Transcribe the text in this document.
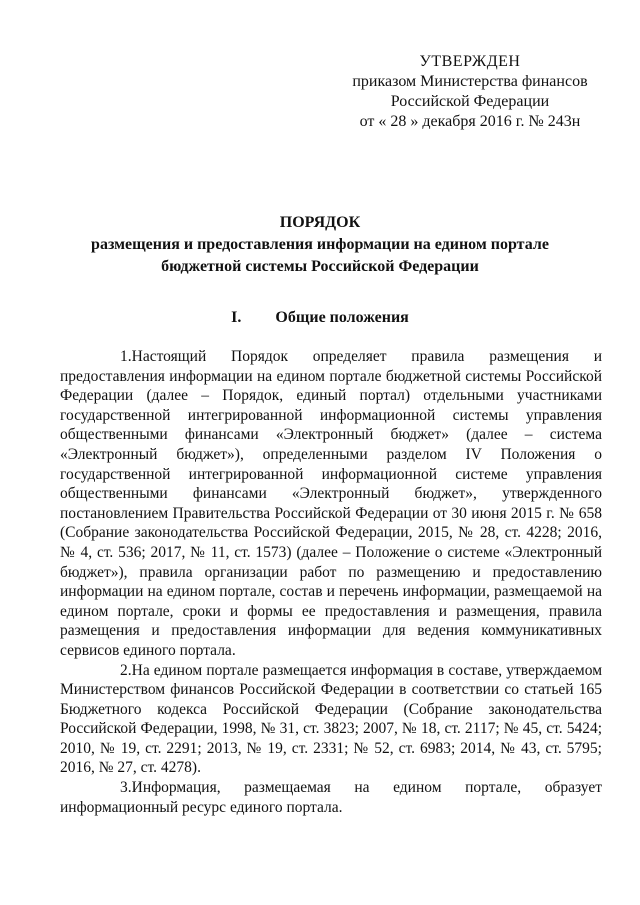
УТВЕРЖДЕН
приказом Министерства финансов
Российской Федерации
от « 28 » декабря 2016 г. № 243н
ПОРЯДОК
размещения и предоставления информации на едином портале бюджетной системы Российской Федерации
I. Общие положения

1.Настоящий Порядок определяет правила размещения и предоставления информации на едином портале бюджетной системы Российской Федерации (далее – Порядок, единый портал) отдельными участниками государственной интегрированной информационной системы управления общественными финансами «Электронный бюджет» (далее – система «Электронный бюджет»), определенными разделом IV Положения о государственной интегрированной информационной системе управления общественными финансами «Электронный бюджет», утвержденного постановлением Правительства Российской Федерации от 30 июня 2015 г. № 658 (Собрание законодательства Российской Федерации, 2015, № 28, ст. 4228; 2016, № 4, ст. 536; 2017, № 11, ст. 1573) (далее – Положение о системе «Электронный бюджет»), правила организации работ по размещению и предоставлению информации на едином портале, состав и перечень информации, размещаемой на едином портале, сроки и формы ее предоставления и размещения, правила размещения и предоставления информации для ведения коммуникативных сервисов единого портала.

2.На едином портале размещается информация в составе, утверждаемом Министерством финансов Российской Федерации в соответствии со статьей 165 Бюджетного кодекса Российской Федерации (Собрание законодательства Российской Федерации, 1998, № 31, ст. 3823; 2007, № 18, ст. 2117; № 45, ст. 5424; 2010, № 19, ст. 2291; 2013, № 19, ст. 2331; № 52, ст. 6983; 2014, № 43, ст. 5795; 2016, № 27, ст. 4278).

3.Информация, размещаемая на едином портале, образует информационный ресурс единого портала.
